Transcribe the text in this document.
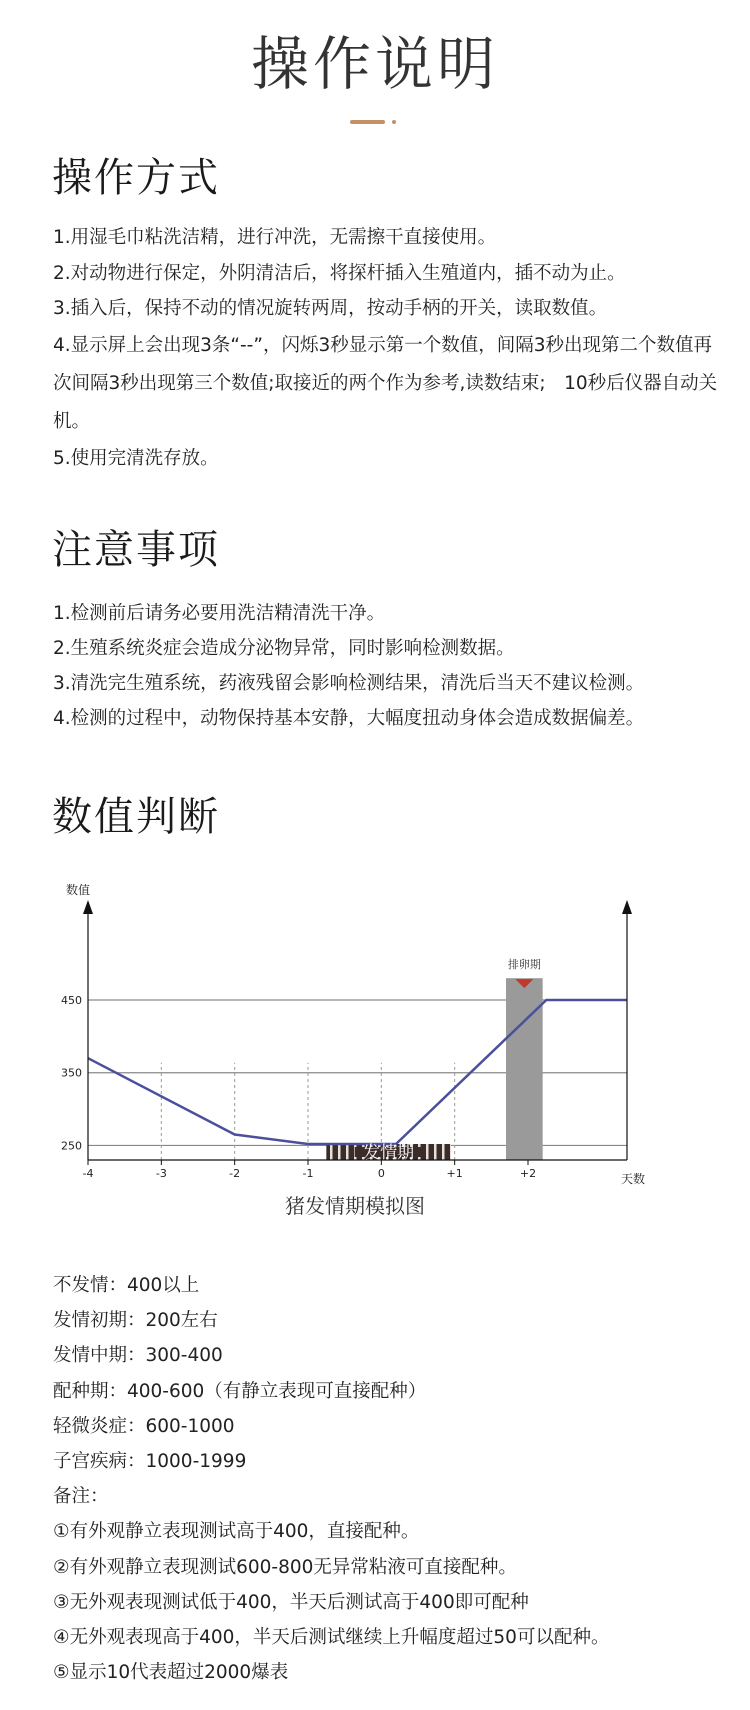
操作说明
操作方式
1.用湿毛巾粘洗洁精，进行冲洗，无需擦干直接使用。
2.对动物进行保定，外阴清洁后，将探杆插入生殖道内，插不动为止。
3.插入后，保持不动的情况旋转两周，按动手柄的开关，读取数值。
4.显示屏上会出现3条“--”，闪烁3秒显示第一个数值，间隔3秒出现第二个数值再次间隔3秒出现第三个数值;取接近的两个作为参考,读数结束;　10秒后仪器自动关机。
5.使用完清洗存放。
注意事项
1.检测前后请务必要用洗洁精清洗干净。
2.生殖系统炎症会造成分泌物异常，同时影响检测数据。
3.清洗完生殖系统，药液残留会影响检测结果，清洗后当天不建议检测。
4.检测的过程中，动物保持基本安静，大幅度扭动身体会造成数据偏差。
数值判断
250
350
450
-4	-3	-2	-1	0	+1	+2
发情期
排卵期
数值
天数
猪发情期模拟图
不发情：400以上
发情初期：200左右
发情中期：300-400
配种期：400-600（有静立表现可直接配种）
轻微炎症：600-1000
子宫疾病：1000-1999
备注：
①有外观静立表现测试高于400，直接配种。
②有外观静立表现测试600-800无异常粘液可直接配种。
③无外观表现测试低于400，半天后测试高于400即可配种
④无外观表现高于400，半天后测试继续上升幅度超过50可以配种。
⑤显示10代表超过2000爆表
